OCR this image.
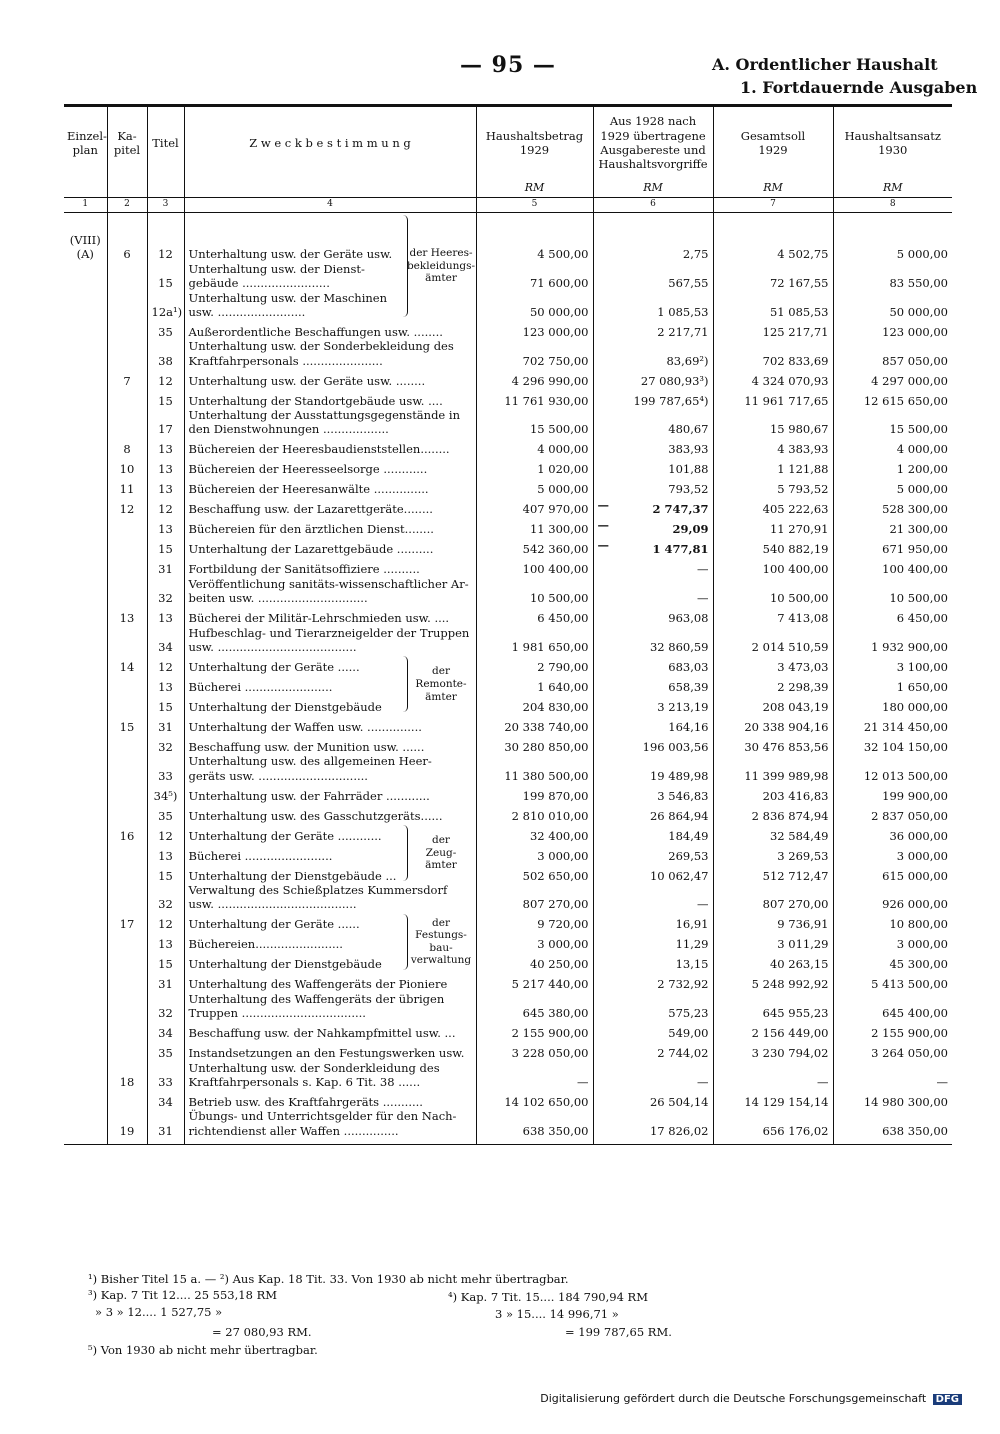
— 95 —	A. Ordentlicher Haushalt
1. Fortdauernde Ausgaben
Einzel-
plan	Ka-
pitel	Titel	Z w e c k b e s t i m m u n g	Haushaltsbetrag
1929	Aus 1928 nach
1929 übertragene
Ausgabereste und
Haushaltsvorgriffe	Gesamtsoll
1929	Haushaltsansatz
1930
				RM	RM	RM	RM
1	2	3	4	5	6	7	8
(VIII) (A)	6	12	Unterhaltung usw. der Geräte usw.	4 500,00	2,75	4 502,75	5 000,00
		15	Unterhaltung usw. der Dienst-
gebäude ........................	71 600,00	567,55	72 167,55	83 550,00
		12a¹)	Unterhaltung usw. der Maschinen
usw. ........................	50 000,00	1 085,53	51 085,53	50 000,00
		35	Außerordentliche Beschaffungen usw. ........	123 000,00	2 217,71	125 217,71	123 000,00
		38	Unterhaltung usw. der Sonderbekleidung des
Kraftfahrpersonals ......................	702 750,00	83,69²)	702 833,69	857 050,00
	7	12	Unterhaltung usw. der Geräte usw. ........	4 296 990,00	27 080,93³)	4 324 070,93	4 297 000,00
		15	Unterhaltung der Standortgebäude usw. ....	11 761 930,00	199 787,65⁴)	11 961 717,65	12 615 650,00
		17	Unterhaltung der Ausstattungsgegenstände in
den Dienstwohnungen ..................	15 500,00	480,67	15 980,67	15 500,00
	8	13	Büchereien der Heeresbaudienststellen........	4 000,00	383,93	4 383,93	4 000,00
	10	13	Büchereien der Heeresseelsorge ............	1 020,00	101,88	1 121,88	1 200,00
	11	13	Büchereien der Heeresanwälte ...............	5 000,00	793,52	5 793,52	5 000,00
	12	12	Beschaffung usw. der Lazarettgeräte........	407 970,00	— 2 747,37	405 222,63	528 300,00
		13	Büchereien für den ärztlichen Dienst........	11 300,00	— 29,09	11 270,91	21 300,00
		15	Unterhaltung der Lazarettgebäude ..........	542 360,00	— 1 477,81	540 882,19	671 950,00
		31	Fortbildung der Sanitätsoffiziere ..........	100 400,00	—	100 400,00	100 400,00
		32	Veröffentlichung sanitäts-wissenschaftlicher Ar-
beiten usw. ..............................	10 500,00	—	10 500,00	10 500,00
	13	13	Bücherei der Militär-Lehrschmieden usw. ....	6 450,00	963,08	7 413,08	6 450,00
		34	Hufbeschlag- und Tierarzneigelder der Truppen
usw. ......................................	1 981 650,00	32 860,59	2 014 510,59	1 932 900,00
	14	12	Unterhaltung der Geräte ......	2 790,00	683,03	3 473,03	3 100,00
		13	Bücherei ........................	1 640,00	658,39	2 298,39	1 650,00
		15	Unterhaltung der Dienstgebäude	204 830,00	3 213,19	208 043,19	180 000,00
	15	31	Unterhaltung der Waffen usw. ...............	20 338 740,00	164,16	20 338 904,16	21 314 450,00
		32	Beschaffung usw. der Munition usw. ......	30 280 850,00	196 003,56	30 476 853,56	32 104 150,00
		33	Unterhaltung usw. des allgemeinen Heer-
geräts usw. ..............................	11 380 500,00	19 489,98	11 399 989,98	12 013 500,00
		34⁵)	Unterhaltung usw. der Fahrräder ............	199 870,00	3 546,83	203 416,83	199 900,00
		35	Unterhaltung usw. des Gasschutzgeräts......	2 810 010,00	26 864,94	2 836 874,94	2 837 050,00
	16	12	Unterhaltung der Geräte ............	32 400,00	184,49	32 584,49	36 000,00
		13	Bücherei ........................	3 000,00	269,53	3 269,53	3 000,00
		15	Unterhaltung der Dienstgebäude ...	502 650,00	10 062,47	512 712,47	615 000,00
		32	Verwaltung des Schießplatzes Kummersdorf
usw. ......................................	807 270,00	—	807 270,00	926 000,00
	17	12	Unterhaltung der Geräte ......	9 720,00	16,91	9 736,91	10 800,00
		13	Büchereien........................	3 000,00	11,29	3 011,29	3 000,00
		15	Unterhaltung der Dienstgebäude	40 250,00	13,15	40 263,15	45 300,00
		31	Unterhaltung des Waffengeräts der Pioniere	5 217 440,00	2 732,92	5 248 992,92	5 413 500,00
		32	Unterhaltung des Waffengeräts der übrigen
Truppen ..................................	645 380,00	575,23	645 955,23	645 400,00
		34	Beschaffung usw. der Nahkampfmittel usw. ...	2 155 900,00	549,00	2 156 449,00	2 155 900,00
		35	Instandsetzungen an den Festungswerken usw.	3 228 050,00	2 744,02	3 230 794,02	3 264 050,00
	18	33	Unterhaltung usw. der Sonderkleidung des
Kraftfahrpersonals s. Kap. 6 Tit. 38 ......	—	—	—	—
		34	Betrieb usw. des Kraftfahrgeräts ...........	14 102 650,00	26 504,14	14 129 154,14	14 980 300,00
	19	31	Übungs- und Unterrichtsgelder für den Nach-
richtendienst aller Waffen ...............	638 350,00	17 826,02	656 176,02	638 350,00
der Heeres-
bekleidungs-
ämter
der
Remonte-
ämter
der
Zeug-
ämter
der
Festungs-
bau-
verwaltung
¹) Bisher Titel 15 a. — ²) Aus Kap. 18 Tit. 33. Von 1930 ab nicht mehr übertragbar.
³) Kap. 7 Tit 12.... 25 553,18 RM
» 3 » 12.... 1 527,75 »
= 27 080,93 RM.
⁴) Kap. 7 Tit. 15.... 184 790,94 RM
3 » 15.... 14 996,71 »
= 199 787,65 RM.
⁵) Von 1930 ab nicht mehr übertragbar.
Digitalisierung gefördert durch die Deutsche Forschungsgemeinschaft DFG
